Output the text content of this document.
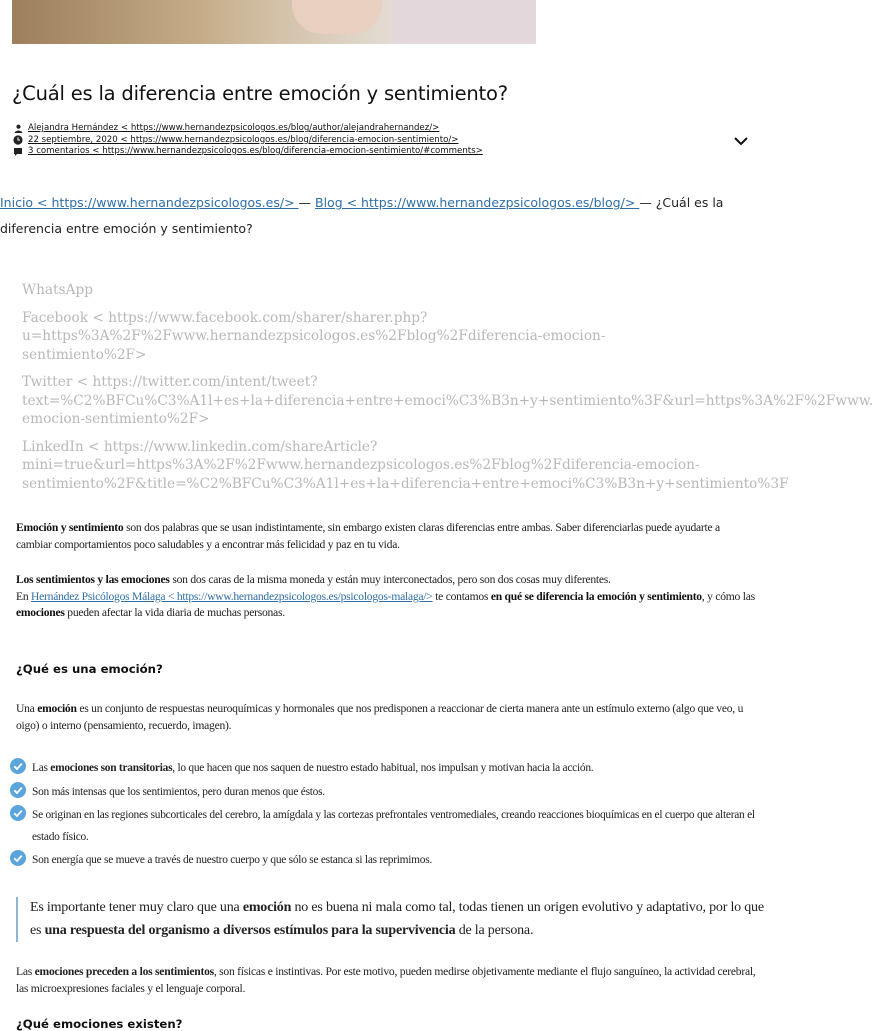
¿Cuál es la diferencia entre emoción y sentimiento?
Alejandra Hernández < https://www.hernandezpsicologos.es/blog/author/alejandrahernandez/>
22 septiembre, 2020 < https://www.hernandezpsicologos.es/blog/diferencia-emocion-sentimiento/>
3 comentarios < https://www.hernandezpsicologos.es/blog/diferencia-emocion-sentimiento/#comments>
Inicio < https://www.hernandezpsicologos.es/> — Blog < https://www.hernandezpsicologos.es/blog/> — ¿Cuál es la diferencia entre emoción y sentimiento?
WhatsApp
Facebook < https://www.facebook.com/sharer/sharer.php?
u=https%3A%2F%2Fwww.hernandezpsicologos.es%2Fblog%2Fdiferencia-emocion-
sentimiento%2F>
Twitter < https://twitter.com/intent/tweet?
text=%C2%BFCu%C3%A1l+es+la+diferencia+entre+emoci%C3%B3n+y+sentimiento%3F&url=https%3A%2F%2Fwww.
emocion-sentimiento%2F>
LinkedIn < https://www.linkedin.com/shareArticle?
mini=true&url=https%3A%2F%2Fwww.hernandezpsicologos.es%2Fblog%2Fdiferencia-emocion-
sentimiento%2F&title=%C2%BFCu%C3%A1l+es+la+diferencia+entre+emoci%C3%B3n+y+sentimiento%3F

Emoción y sentimiento son dos palabras que se usan indistintamente, sin embargo existen claras diferencias entre ambas. Saber diferenciarlas puede ayudarte a cambiar comportamientos poco saludables y a encontrar más felicidad y paz en tu vida.

Los sentimientos y las emociones son dos caras de la misma moneda y están muy interconectados, pero son dos cosas muy diferentes.
En Hernández Psicólogos Málaga < https://www.hernandezpsicologos.es/psicologos-malaga/> te contamos en qué se diferencia la emoción y sentimiento, y cómo las emociones pueden afectar la vida diaria de muchas personas.

¿Qué es una emoción?

Una emoción es un conjunto de respuestas neuroquímicas y hormonales que nos predisponen a reaccionar de cierta manera ante un estímulo externo (algo que veo, u oigo) o interno (pensamiento, recuerdo, imagen).

Las emociones son transitorias, lo que hacen que nos saquen de nuestro estado habitual, nos impulsan y motivan hacia la acción.
Son más intensas que los sentimientos, pero duran menos que éstos.
Se originan en las regiones subcorticales del cerebro, la amígdala y las cortezas prefrontales ventromediales, creando reacciones bioquímicas en el cuerpo que alteran el estado físico.
Son energía que se mueve a través de nuestro cuerpo y que sólo se estanca si las reprimimos.
Es importante tener muy claro que una emoción no es buena ni mala como tal, todas tienen un origen evolutivo y adaptativo, por lo que es una respuesta del organismo a diversos estímulos para la supervivencia de la persona.
Las emociones preceden a los sentimientos, son físicas e instintivas. Por este motivo, pueden medirse objetivamente mediante el flujo sanguíneo, la actividad cerebral, las microexpresiones faciales y el lenguaje corporal.
¿Qué emociones existen?
